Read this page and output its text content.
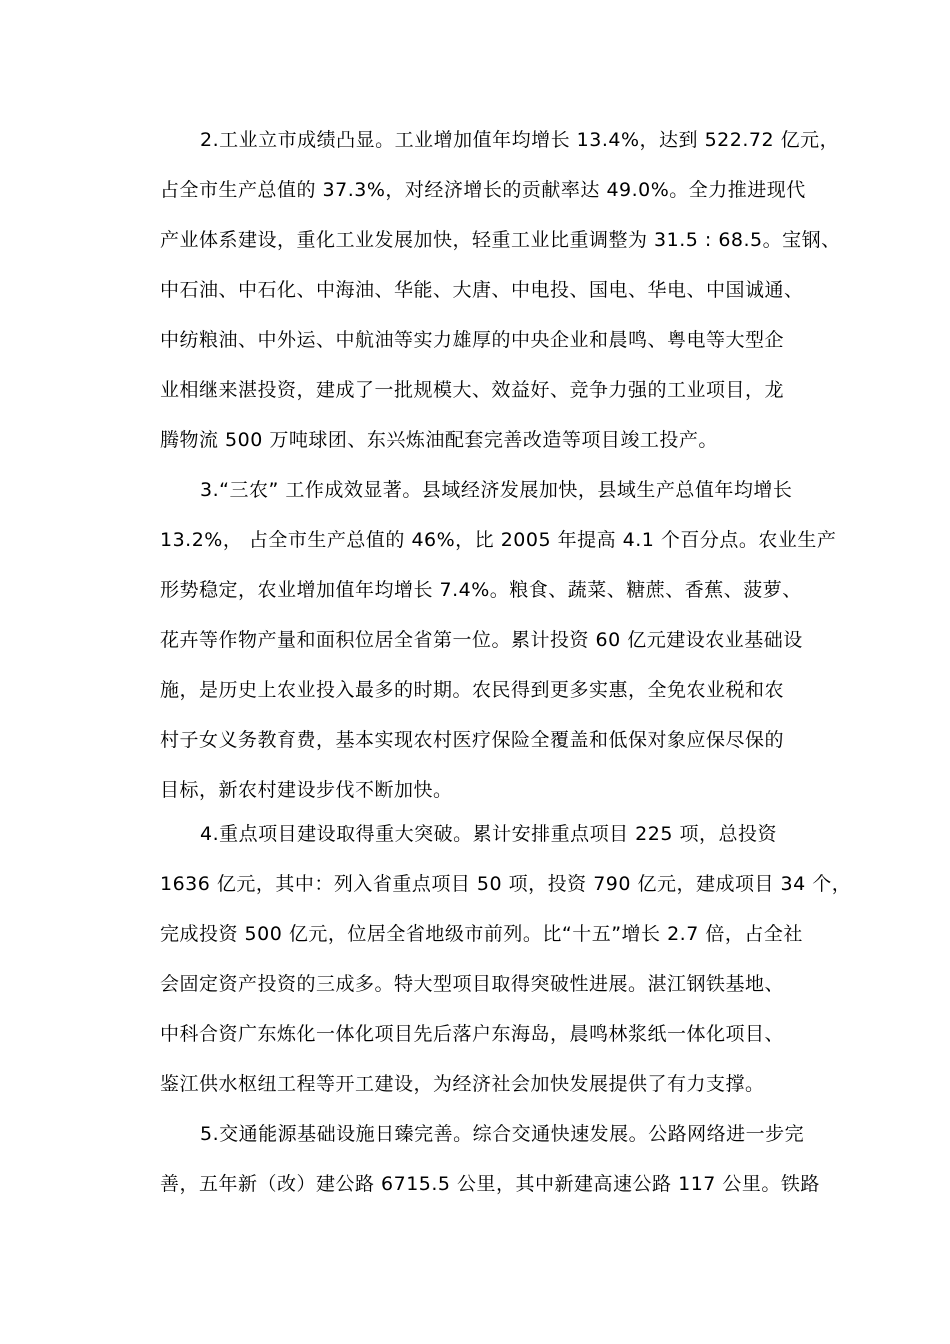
2.工业立市成绩凸显。工业增加值年均增长 13.4%，达到 522.72 亿元，
占全市生产总值的 37.3%，对经济增长的贡献率达 49.0%。全力推进现代
产业体系建设，重化工业发展加快，轻重工业比重调整为 31.5 : 68.5。宝钢、
中石油、中石化、中海油、华能、大唐、中电投、国电、华电、中国诚通、
中纺粮油、中外运、中航油等实力雄厚的中央企业和晨鸣、粤电等大型企
业相继来湛投资，建成了一批规模大、效益好、竞争力强的工业项目，龙
腾物流 500 万吨球团、东兴炼油配套完善改造等项目竣工投产。
3.“三农” 工作成效显著。县域经济发展加快，县域生产总值年均增长
13.2%， 占全市生产总值的 46%，比 2005 年提高 4.1 个百分点。农业生产
形势稳定，农业增加值年均增长 7.4%。粮食、蔬菜、糖蔗、香蕉、菠萝、
花卉等作物产量和面积位居全省第一位。累计投资 60 亿元建设农业基础设
施，是历史上农业投入最多的时期。农民得到更多实惠，全免农业税和农
村子女义务教育费，基本实现农村医疗保险全覆盖和低保对象应保尽保的
目标，新农村建设步伐不断加快。
4.重点项目建设取得重大突破。累计安排重点项目 225 项，总投资
1636 亿元，其中：列入省重点项目 50 项，投资 790 亿元，建成项目 34 个，
完成投资 500 亿元，位居全省地级市前列。比“十五”增长 2.7 倍，占全社
会固定资产投资的三成多。特大型项目取得突破性进展。湛江钢铁基地、
中科合资广东炼化一体化项目先后落户东海岛，晨鸣林浆纸一体化项目、
鉴江供水枢纽工程等开工建设，为经济社会加快发展提供了有力支撑。
5.交通能源基础设施日臻完善。综合交通快速发展。公路网络进一步完
善，五年新（改）建公路 6715.5 公里，其中新建高速公路 117 公里。铁路
